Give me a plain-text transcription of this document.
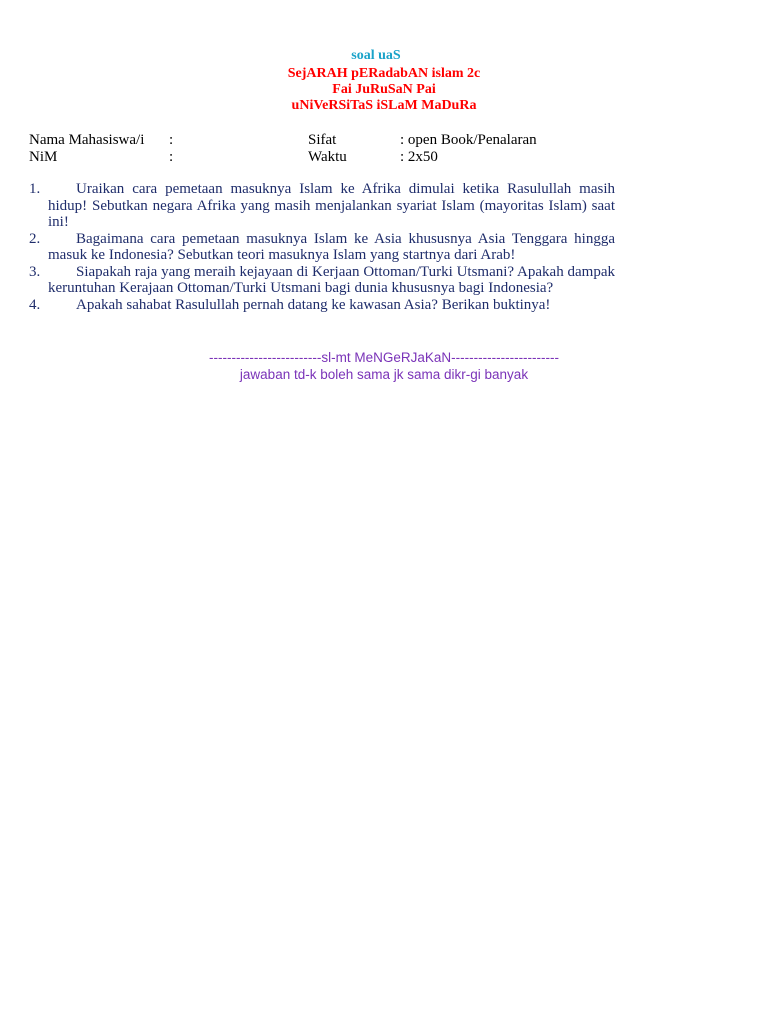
soal uaS

SejARAH pERadabAN islam 2c

Fai JuRuSaN Pai

uNiVeRSiTaS iSLaM MaDuRa

Nama Mahasiswa/i :	Sifat	: open Book/Penalaran

NiM	:	Waktu	: 2x50

1.	Uraikan cara pemetaan masuknya Islam ke Afrika dimulai ketika Rasulullah masih hidup! Sebutkan negara Afrika yang masih menjalankan syariat Islam (mayoritas Islam) saat ini!
2.	Bagaimana cara pemetaan masuknya Islam ke Asia khususnya Asia Tenggara hingga masuk ke Indonesia? Sebutkan teori masuknya Islam yang startnya dari Arab!
3.	Siapakah raja yang meraih kejayaan di Kerjaan Ottoman/Turki Utsmani? Apakah dampak keruntuhan Kerajaan Ottoman/Turki Utsmani bagi dunia khususnya bagi Indonesia?
4.	Apakah sahabat Rasulullah pernah datang ke kawasan Asia? Berikan buktinya!

-------------------------sl-mt MeNGeRJaKaN------------------------

jawaban td-k boleh sama jk sama dikr-gi banyak
